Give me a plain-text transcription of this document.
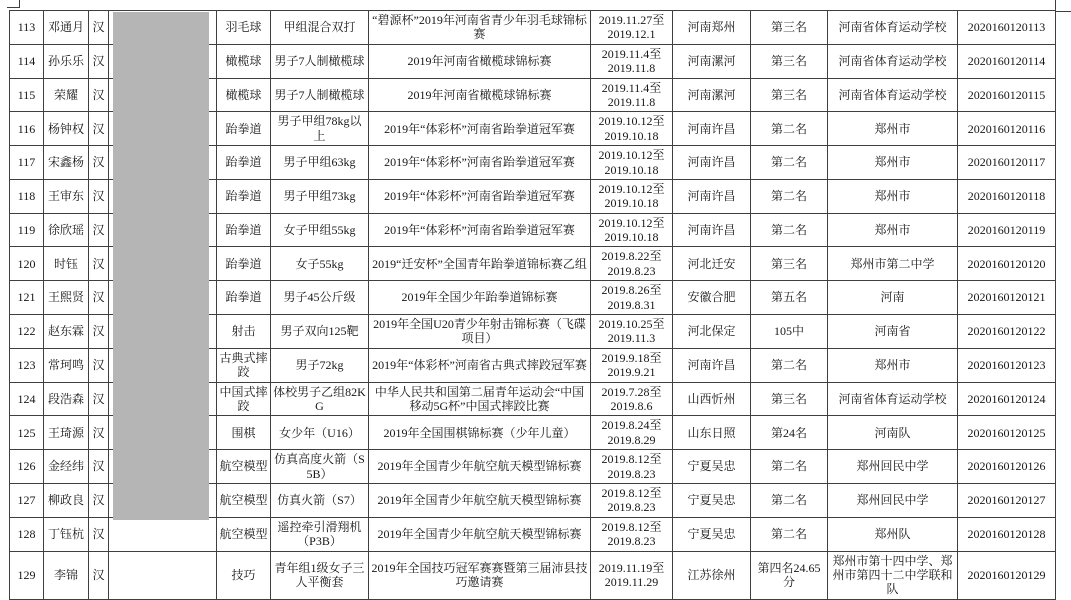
113	邓通月	汉		羽毛球	甲组混合双打	“碧源杯”2019年河南省青少年羽毛球锦标赛	2019.11.27至
2019.12.1	河南郑州	第三名	河南省体育运动学校	2020160120113
114	孙乐乐	汉		橄榄球	男子7人制橄榄球	2019年河南省橄榄球锦标赛	2019.11.4至
2019.11.8	河南漯河	第三名	河南省体育运动学校	2020160120114
115	荣耀	汉		橄榄球	男子7人制橄榄球	2019年河南省橄榄球锦标赛	2019.11.4至
2019.11.8	河南漯河	第三名	河南省体育运动学校	2020160120115
116	杨钟权	汉		跆拳道	男子甲组78kg以上	2019年“体彩杯”河南省跆拳道冠军赛	2019.10.12至
2019.10.18	河南许昌	第二名	郑州市	2020160120116
117	宋鑫杨	汉		跆拳道	男子甲组63kg	2019年“体彩杯”河南省跆拳道冠军赛	2019.10.12至
2019.10.18	河南许昌	第二名	郑州市	2020160120117
118	王审东	汉		跆拳道	男子甲组73kg	2019年“体彩杯”河南省跆拳道冠军赛	2019.10.12至
2019.10.18	河南许昌	第二名	郑州市	2020160120118
119	徐欣瑶	汉		跆拳道	女子甲组55kg	2019年“体彩杯”河南省跆拳道冠军赛	2019.10.12至
2019.10.18	河南许昌	第二名	郑州市	2020160120119
120	时钰	汉		跆拳道	女子55kg	2019“迁安杯”全国青年跆拳道锦标赛乙组	2019.8.22至
2019.8.23	河北迁安	第三名	郑州市第二中学	2020160120120
121	王熙贤	汉		跆拳道	男子45公斤级	2019年全国少年跆拳道锦标赛	2019.8.26至
2019.8.31	安徽合肥	第五名	河南	2020160120121
122	赵东霖	汉		射击	男子双向125靶	2019年全国U20青少年射击锦标赛（飞碟项目）	2019.10.25至
2019.11.3	河北保定	105中	河南省	2020160120122
123	常珂鸣	汉		古典式摔跤	男子72kg	2019年“体彩杯”河南省古典式摔跤冠军赛	2019.9.18至
2019.9.21	河南许昌	第二名	郑州市	2020160120123
124	段浩森	汉		中国式摔跤	体校男子乙组82KG	中华人民共和国第二届青年运动会“中国移动5G杯”中国式摔跤比赛	2019.7.28至
2019.8.6	山西忻州	第三名	河南省体育运动学校	2020160120124
125	王琦源	汉		围棋	女少年（U16）	2019年全国围棋锦标赛（少年儿童）	2019.8.24至
2019.8.29	山东日照	第24名	河南队	2020160120125
126	金经纬	汉		航空模型	仿真高度火箭（S5B）	2019年全国青少年航空航天模型锦标赛	2019.8.12至
2019.8.23	宁夏吴忠	第二名	郑州回民中学	2020160120126
127	柳政良	汉		航空模型	仿真火箭（S7）	2019年全国青少年航空航天模型锦标赛	2019.8.12至
2019.8.23	宁夏吴忠	第二名	郑州回民中学	2020160120127
128	丁钰杭	汉		航空模型	遥控牵引滑翔机（P3B）	2019年全国青少年航空航天模型锦标赛	2019.8.12至
2019.8.23	宁夏吴忠	第二名	郑州队	2020160120128
129	李锦	汉		技巧	青年组1级女子三人平衡套	2019年全国技巧冠军赛赛暨第三届沛县技巧邀请赛	2019.11.19至
2019.11.29	江苏徐州	第四名24.65分	郑州市第十四中学、郑州市第四十二中学联和队	2020160120129
